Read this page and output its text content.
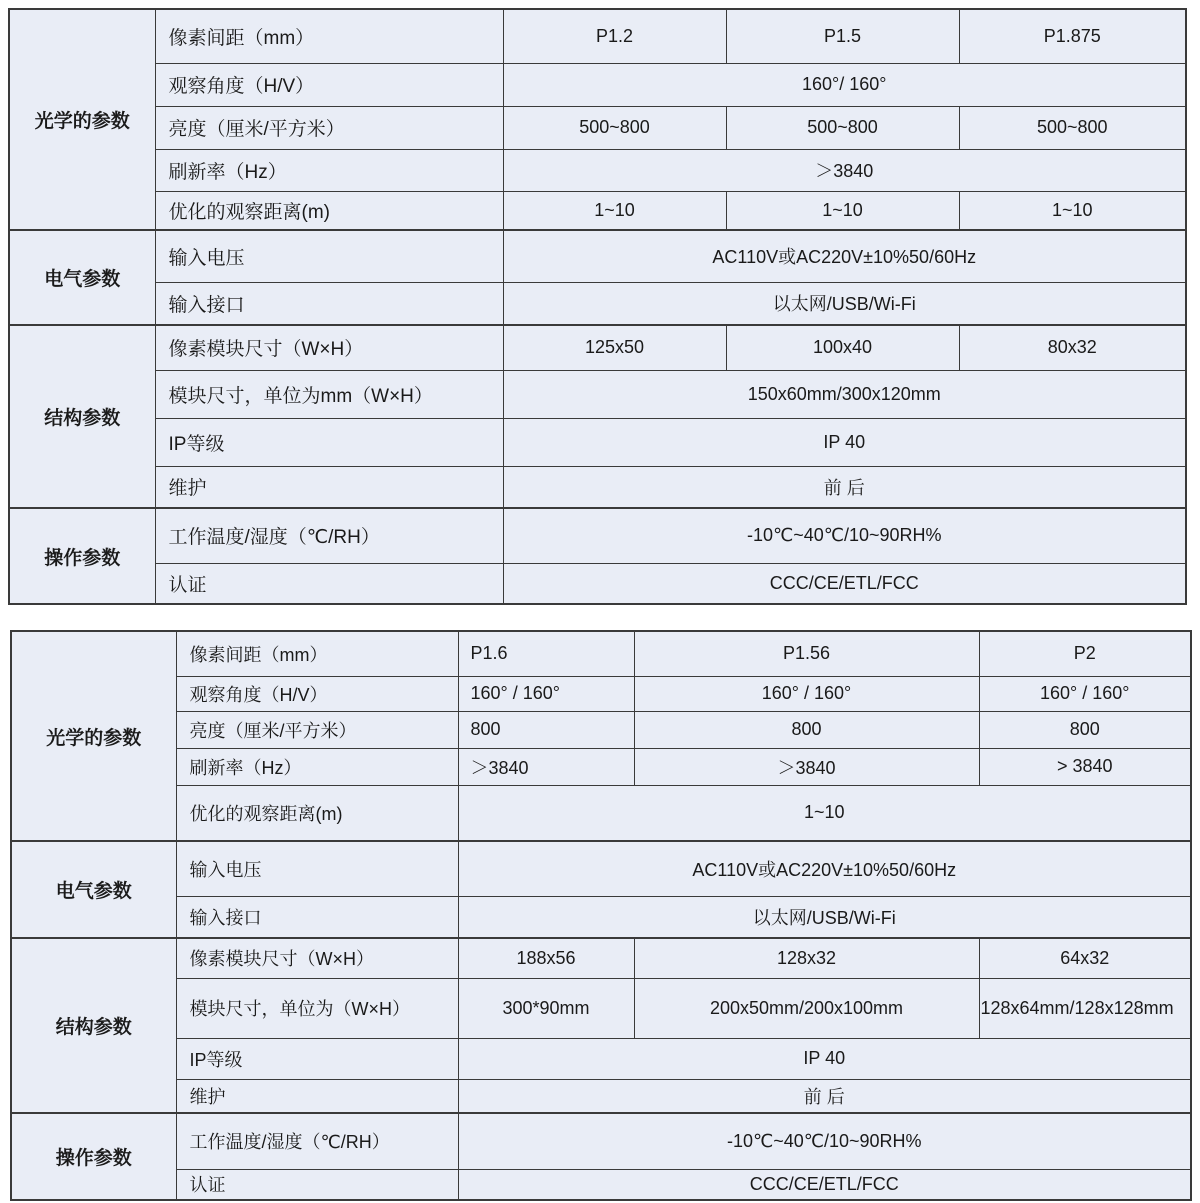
光学的参数	像素间距（mm）	P1.2	P1.5	P1.875
	观察角度（H/V）	160°/ 160°		
	亮度（厘米/平方米）	500~800	500~800	500~800
	刷新率（Hz）	＞3840		
	优化的观察距离(m)	1~10	1~10	1~10
电气参数	输入电压	AC110V或AC220V±10%50/60Hz		
	输入接口	以太网/USB/Wi-Fi		
结构参数	像素模块尺寸（W×H）	125x50	100x40	80x32
	模块尺寸，单位为mm（W×H）	150x60mm/300x120mm		
	IP等级	IP 40		
	维护	前 后		
操作参数	工作温度/湿度（℃/RH）	-10℃~40℃/10~90RH%		
	认证	CCC/CE/ETL/FCC		
光学的参数	像素间距（mm）	P1.6	P1.56	P2
	观察角度（H/V）	160° / 160°	160° / 160°	160° / 160°
	亮度（厘米/平方米）	800	800	800
	刷新率（Hz）	＞3840	＞3840	> 3840
	优化的观察距离(m)	1~10		
电气参数	输入电压	AC110V或AC220V±10%50/60Hz		
	输入接口	以太网/USB/Wi-Fi		
结构参数	像素模块尺寸（W×H）	188x56	128x32	64x32
	模块尺寸，单位为（W×H）	300*90mm	200x50mm/200x100mm	128x64mm/128x128mm
	IP等级	IP 40		
	维护	前 后		
操作参数	工作温度/湿度（℃/RH）	-10℃~40℃/10~90RH%		
	认证	CCC/CE/ETL/FCC		
